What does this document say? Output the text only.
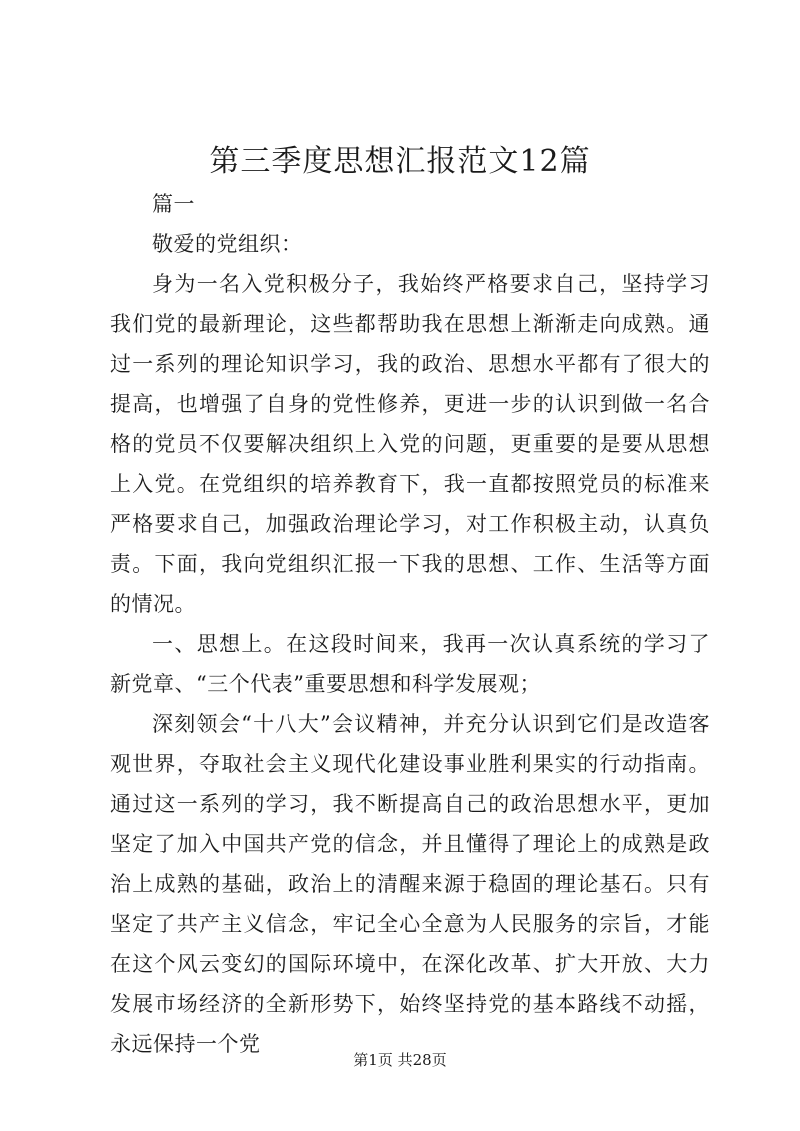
第三季度思想汇报范文12篇

篇一

敬爱的党组织：

身为一名入党积极分子，我始终严格要求自己，坚持学习我们党的最新理论，这些都帮助我在思想上渐渐走向成熟。通过一系列的理论知识学习，我的政治、思想水平都有了很大的提高，也增强了自身的党性修养，更进一步的认识到做一名合格的党员不仅要解决组织上入党的问题，更重要的是要从思想上入党。在党组织的培养教育下，我一直都按照党员的标准来严格要求自己，加强政治理论学习，对工作积极主动，认真负责。下面，我向党组织汇报一下我的思想、工作、生活等方面的情况。

一、思想上。在这段时间来，我再一次认真系统的学习了新党章、“三个代表”重要思想和科学发展观；

深刻领会“十八大”会议精神，并充分认识到它们是改造客观世界，夺取社会主义现代化建设事业胜利果实的行动指南。通过这一系列的学习，我不断提高自己的政治思想水平，更加坚定了加入中国共产党的信念，并且懂得了理论上的成熟是政治上成熟的基础，政治上的清醒来源于稳固的理论基石。只有坚定了共产主义信念，牢记全心全意为人民服务的宗旨，才能在这个风云变幻的国际环境中，在深化改革、扩大开放、大力发展市场经济的全新形势下，始终坚持党的基本路线不动摇，永远保持一个党

第1页 共28页
